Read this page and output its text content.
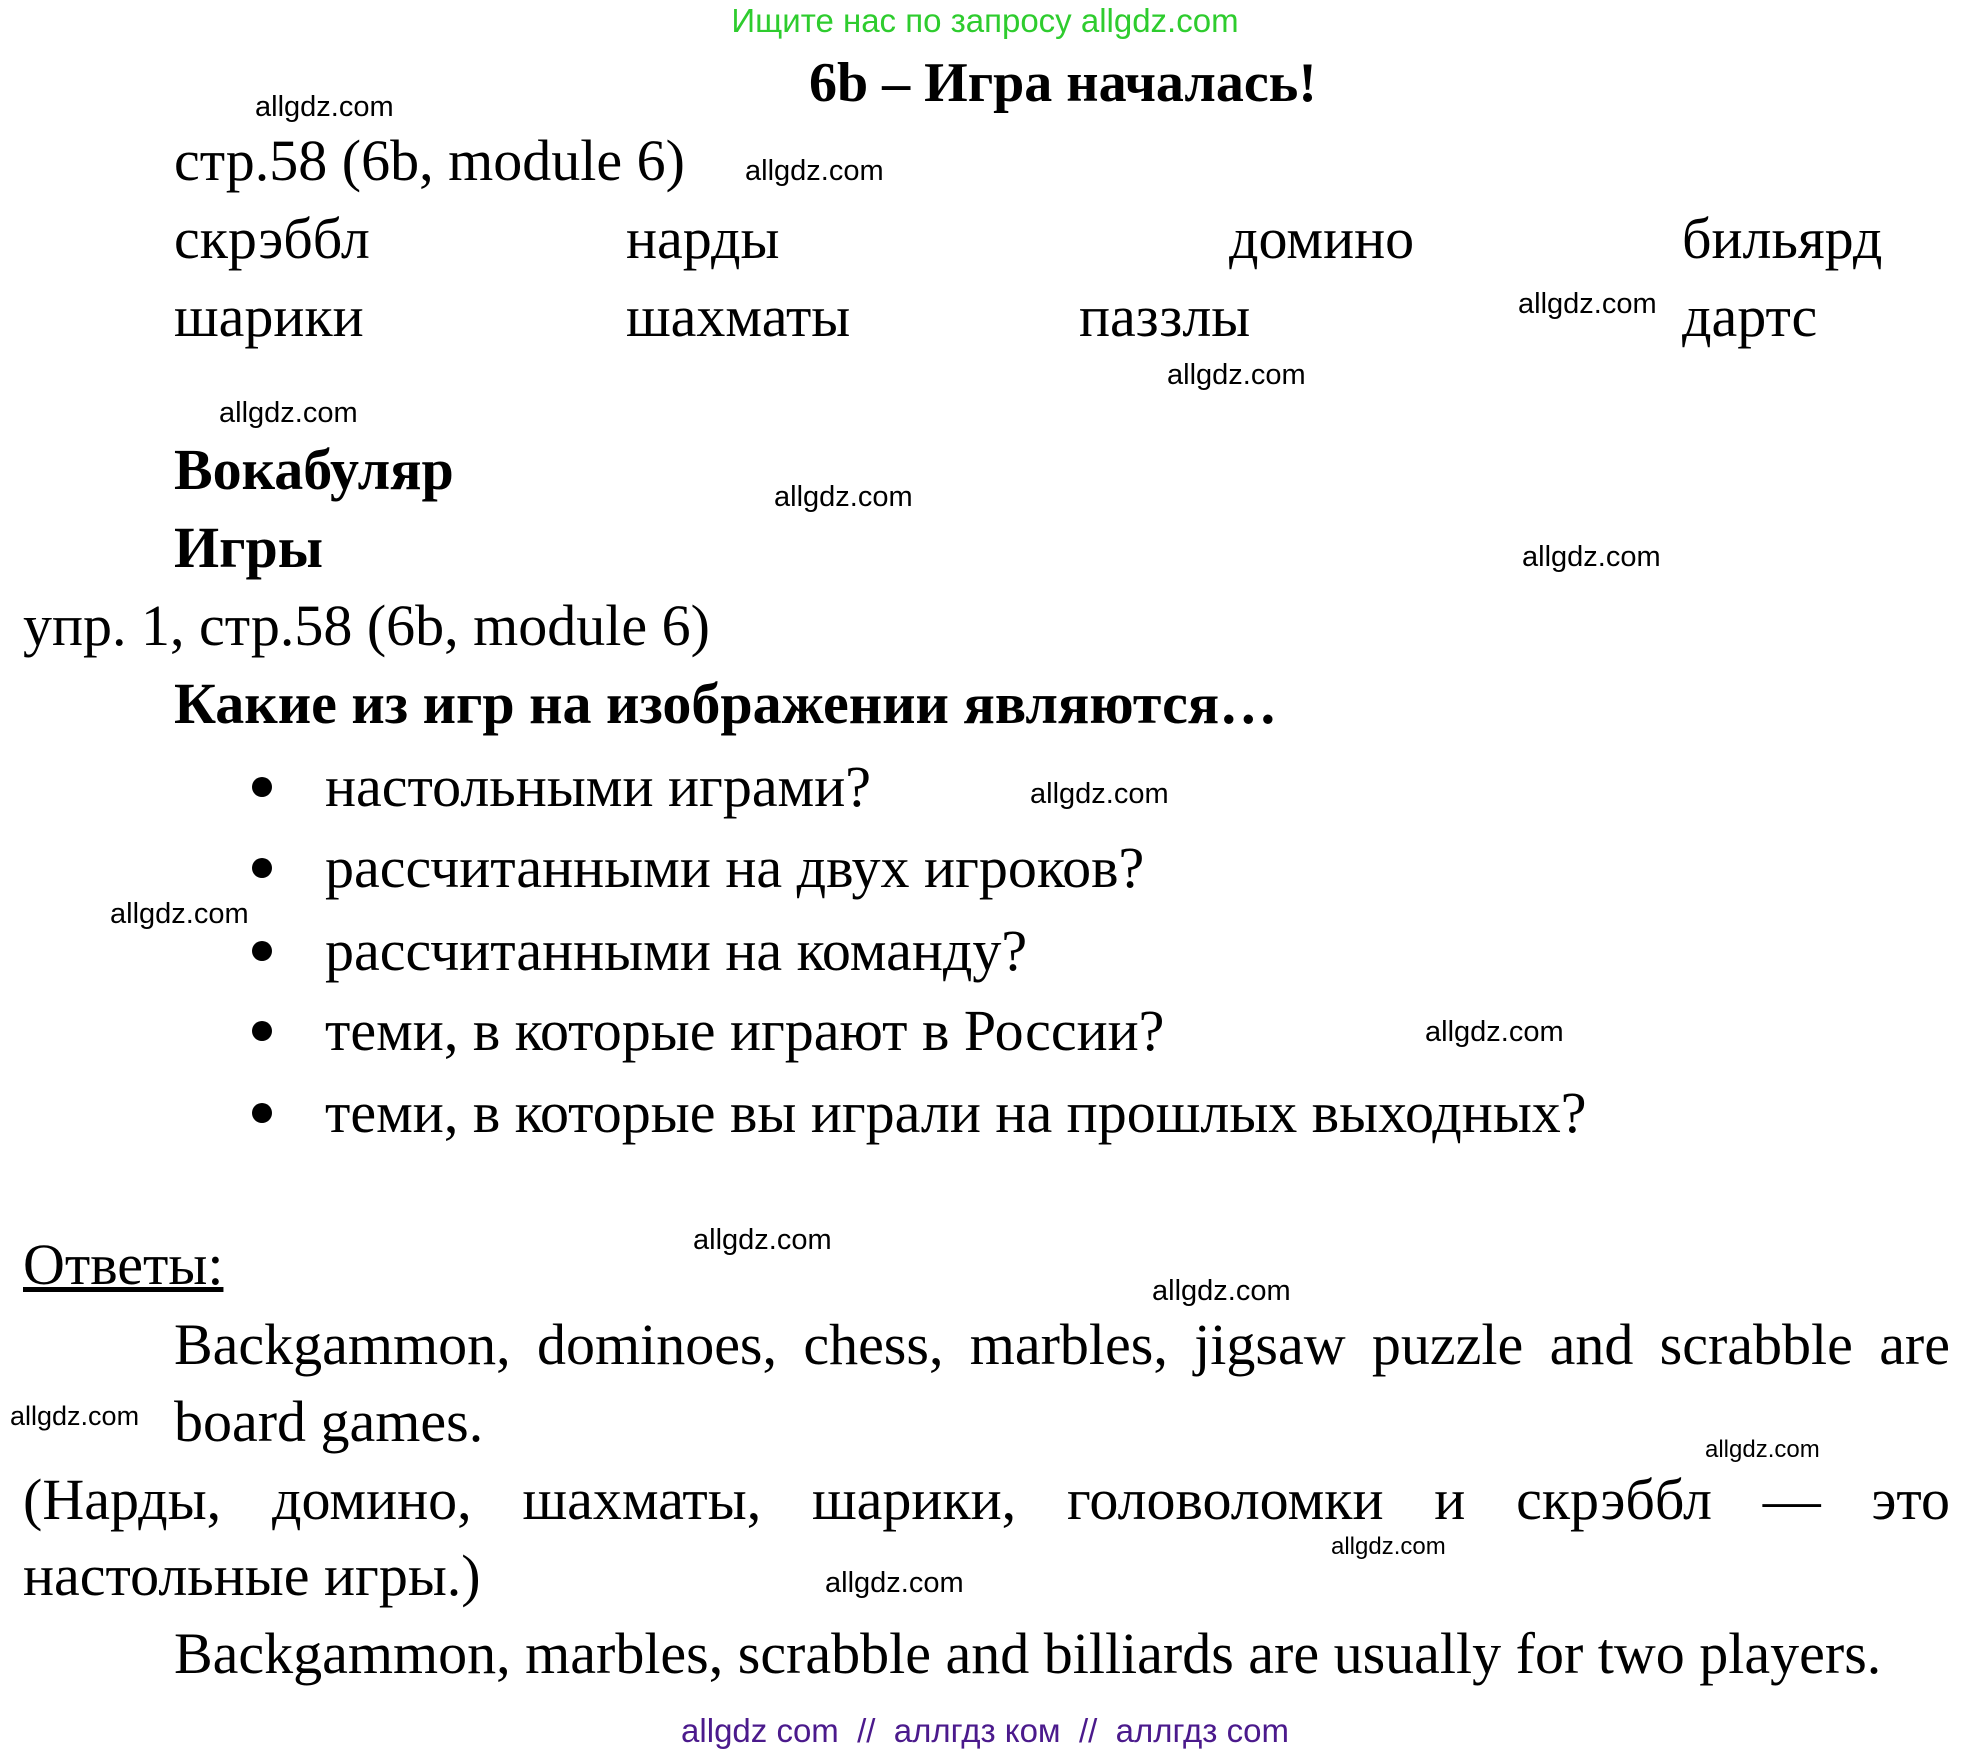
Ищите нас по запросу allgdz.com
6b – Игра началась!
стр.58 (6b, module 6)
скрэббл	нарды	домино	бильярд
шарики	шахматы	паззлы	дартс
Вокабуляр
Игры
упр. 1, стр.58 (6b, module 6)
Какие из игр на изображении являются…
настольными играми?
рассчитанными на двух игроков?
рассчитанными на команду?
теми, в которые играют в России?
теми, в которые вы играли на прошлых выходных?
Ответы:
Backgammon, dominoes, chess, marbles, jigsaw puzzle and scrabble are
board games.
(Нарды, домино, шахматы, шарики, головоломки и скрэббл — это
настольные игры.)
Backgammon, marbles, scrabble and billiards are usually for two players.
allgdz com  //  аллгдз ком  //  аллгдз com
allgdz.com
allgdz.com
allgdz.com
allgdz.com
allgdz.com
allgdz.com
allgdz.com
allgdz.com
allgdz.com
allgdz.com
allgdz.com
allgdz.com
allgdz.com
allgdz.com
allgdz.com
allgdz.com
